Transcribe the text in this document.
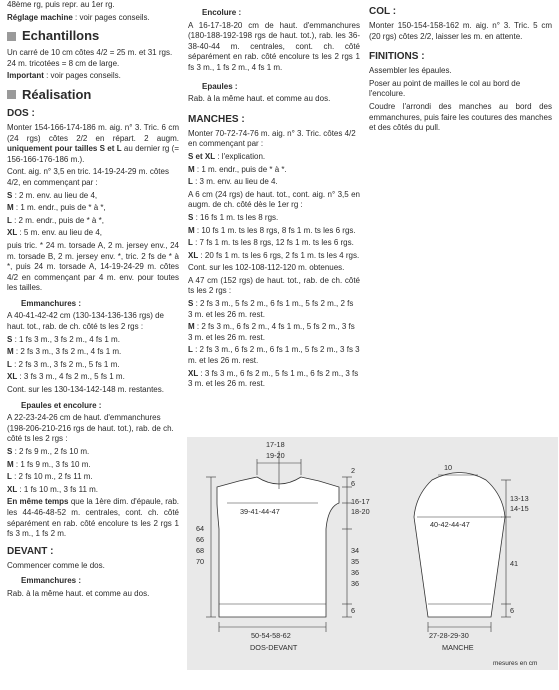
48ème rg, puis repr. au 1er rg.

Réglage machine : voir pages conseils.

Echantillons

Un carré de 10 cm côtes 4/2 = 25 m. et 31 rgs. 24 m. tricotées = 8 cm de large.

Important : voir pages conseils.

Réalisation
DOS :

Monter 154-166-174-186 m. aig. n° 3. Tric. 6 cm (24 rgs) côtes 2/2 en répart. 2 augm. uniquement pour tailles S et L au dernier rg (= 156-166-176-186 m.).

Cont. aig. n° 3,5 en tric. 14-19-24-29 m. côtes 4/2, en commençant par :

S : 2 m. env. au lieu de 4,

M : 1 m. endr., puis de * à *,

L : 2 m. endr., puis de * à *,

XL : 5 m. env. au lieu de 4,

puis tric. * 24 m. torsade A, 2 m. jersey env., 24 m. torsade B, 2 m. jersey env. *, tric. 2 fs de * à *, puis 24 m. torsade A, 14-19-24-29 m. côtes 4/2 en commençant par 4 m. env. pour toutes les tailles.

Emmanchures :

A 40-41-42-42 cm (130-134-136-136 rgs) de haut. tot., rab. de ch. côté ts les 2 rgs :

S : 1 fs 3 m., 3 fs 2 m., 4 fs 1 m.

M : 2 fs 3 m., 3 fs 2 m., 4 fs 1 m.

L : 2 fs 3 m., 3 fs 2 m., 5 fs 1 m.

XL : 3 fs 3 m., 4 fs 2 m., 5 fs 1 m.

Cont. sur les 130-134-142-148 m. restantes.

Epaules et encolure :

A 22-23-24-26 cm de haut. d'emmanchures (198-206-210-216 rgs de haut. tot.), rab. de ch. côté ts les 2 rgs :

S : 2 fs 9 m., 2 fs 10 m.

M : 1 fs 9 m., 3 fs 10 m.

L : 2 fs 10 m., 2 fs 11 m.

XL : 1 fs 10 m., 3 fs 11 m.

En même temps que la 1ère dim. d'épaule, rab. les 44-46-48-52 m. centrales, cont. ch. côté séparément en rab. côté encolure ts les 2 rgs 1 fs 3 m., 1 fs 2 m.

DEVANT :

Commencer comme le dos.

Emmanchures :

Rab. à la même haut. et comme au dos.

Encolure :

A 16-17-18-20 cm de haut. d'emmanchures (180-188-192-198 rgs de haut. tot.), rab. les 36-38-40-44 m. centrales, cont. ch. côté séparément en rab. côté encolure ts les 2 rgs 1 fs 3 m., 1 fs 2 m., 4 fs 1 m.

Epaules :

Rab. à la même haut. et comme au dos.

MANCHES :

Monter 70-72-74-76 m. aig. n° 3. Tric. côtes 4/2 en commençant par :

S et XL : l'explication.

M : 1 m. endr., puis de * à *.

L : 3 m. env. au lieu de 4.

A 6 cm (24 rgs) de haut. tot., cont. aig. n° 3,5 en augm. de ch. côté dès le 1er rg :

S : 16 fs 1 m. ts les 8 rgs.

M : 10 fs 1 m. ts les 8 rgs, 8 fs 1 m. ts les 6 rgs.

L : 7 fs 1 m. ts les 8 rgs, 12 fs 1 m. ts les 6 rgs.

XL : 20 fs 1 m. ts les 6 rgs, 2 fs 1 m. ts les 4 rgs.

Cont. sur les 102-108-112-120 m. obtenues.

A 47 cm (152 rgs) de haut. tot., rab. de ch. côté ts les 2 rgs :

S : 2 fs 3 m., 5 fs 2 m., 6 fs 1 m., 5 fs 2 m., 2 fs 3 m. et les 26 m. rest.

M : 2 fs 3 m., 6 fs 2 m., 4 fs 1 m., 5 fs 2 m., 3 fs 3 m. et les 26 m. rest.

L : 2 fs 3 m., 6 fs 2 m., 6 fs 1 m., 5 fs 2 m., 3 fs 3 m. et les 26 m. rest.

XL : 3 fs 3 m., 6 fs 2 m., 5 fs 1 m., 6 fs 2 m., 3 fs 3 m. et les 26 m. rest.

COL :

Monter 150-154-158-162 m. aig. n° 3. Tric. 5 cm (20 rgs) côtes 2/2, laisser les m. en attente.

FINITIONS :

Assembler les épaules.

Poser au point de mailles le col au bord de l'encolure.

Coudre l'arrondi des manches au bord des emmanchures, puis faire les coutures des manches et des côtés du pull.

17-18
19-20
2
6
16-17
18-20
39-41-44-47
64
66
68
70
34
35
36
36
6
50-54-58-62
DOS-DEVANT
10
13-13
14-15
40-42-44-47
41
6
27-28-29-30
MANCHE
mesures en cm
